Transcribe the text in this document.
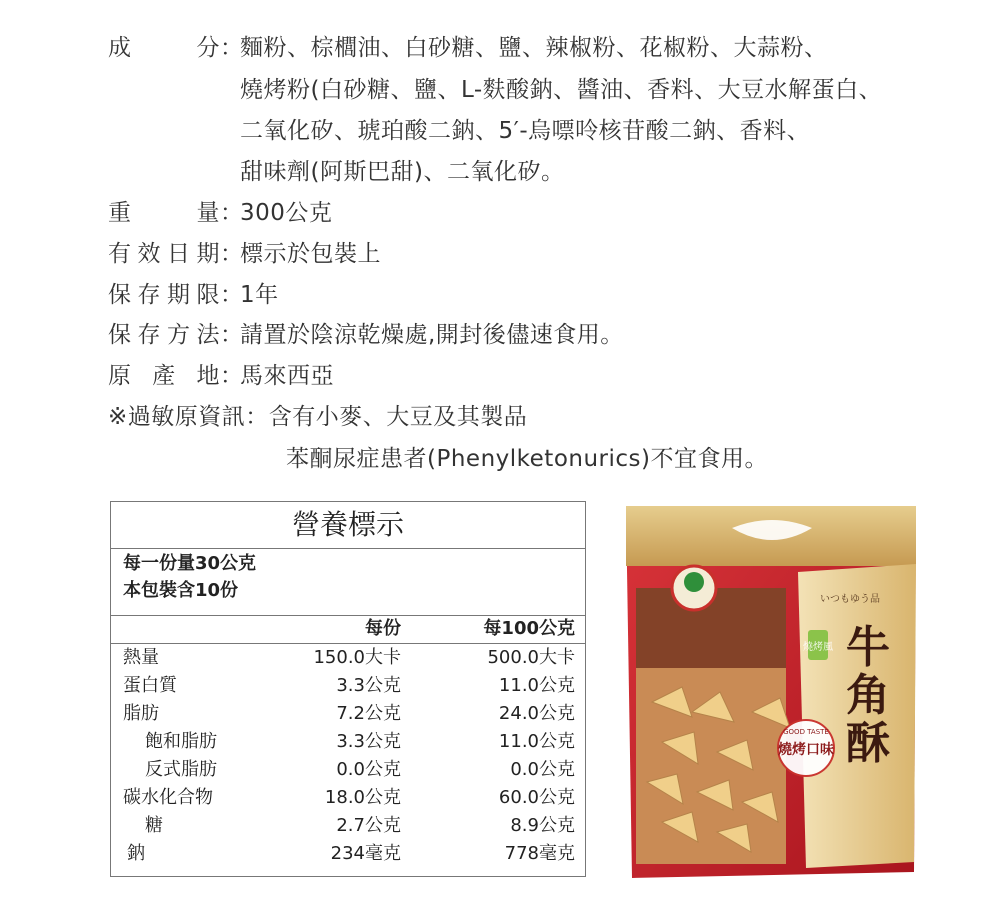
成　　分：麵粉、棕櫚油、白砂糖、鹽、辣椒粉、花椒粉、大蒜粉、
燒烤粉(白砂糖、鹽、L-麩酸鈉、醬油、香料、大豆水解蛋白、
二氧化矽、琥珀酸二鈉、5′-烏嘌呤核苷酸二鈉、香料、
甜味劑(阿斯巴甜)、二氧化矽。
重　　量：300公克
有效日期：標示於包裝上
保存期限：1年
保存方法：請置於陰涼乾燥處,開封後儘速食用。
原 產 地：馬來西亞
※過敏原資訊：含有小麥、大豆及其製品
苯酮尿症患者(Phenylketonurics)不宜食用。
營養標示
每一份量30公克
本包裝含10份
每份	每100公克
熱量	150.0大卡	500.0大卡
蛋白質	3.3公克	11.0公克
脂肪	7.2公克	24.0公克
飽和脂肪	3.3公克	11.0公克
反式脂肪	0.0公克	0.0公克
碳水化合物	18.0公克	60.0公克
糖	2.7公克	8.9公克
鈉	234毫克	778毫克
いつもゆう品
牛
角
酥
燒烤口味
GOOD TASTE
燒烤風
